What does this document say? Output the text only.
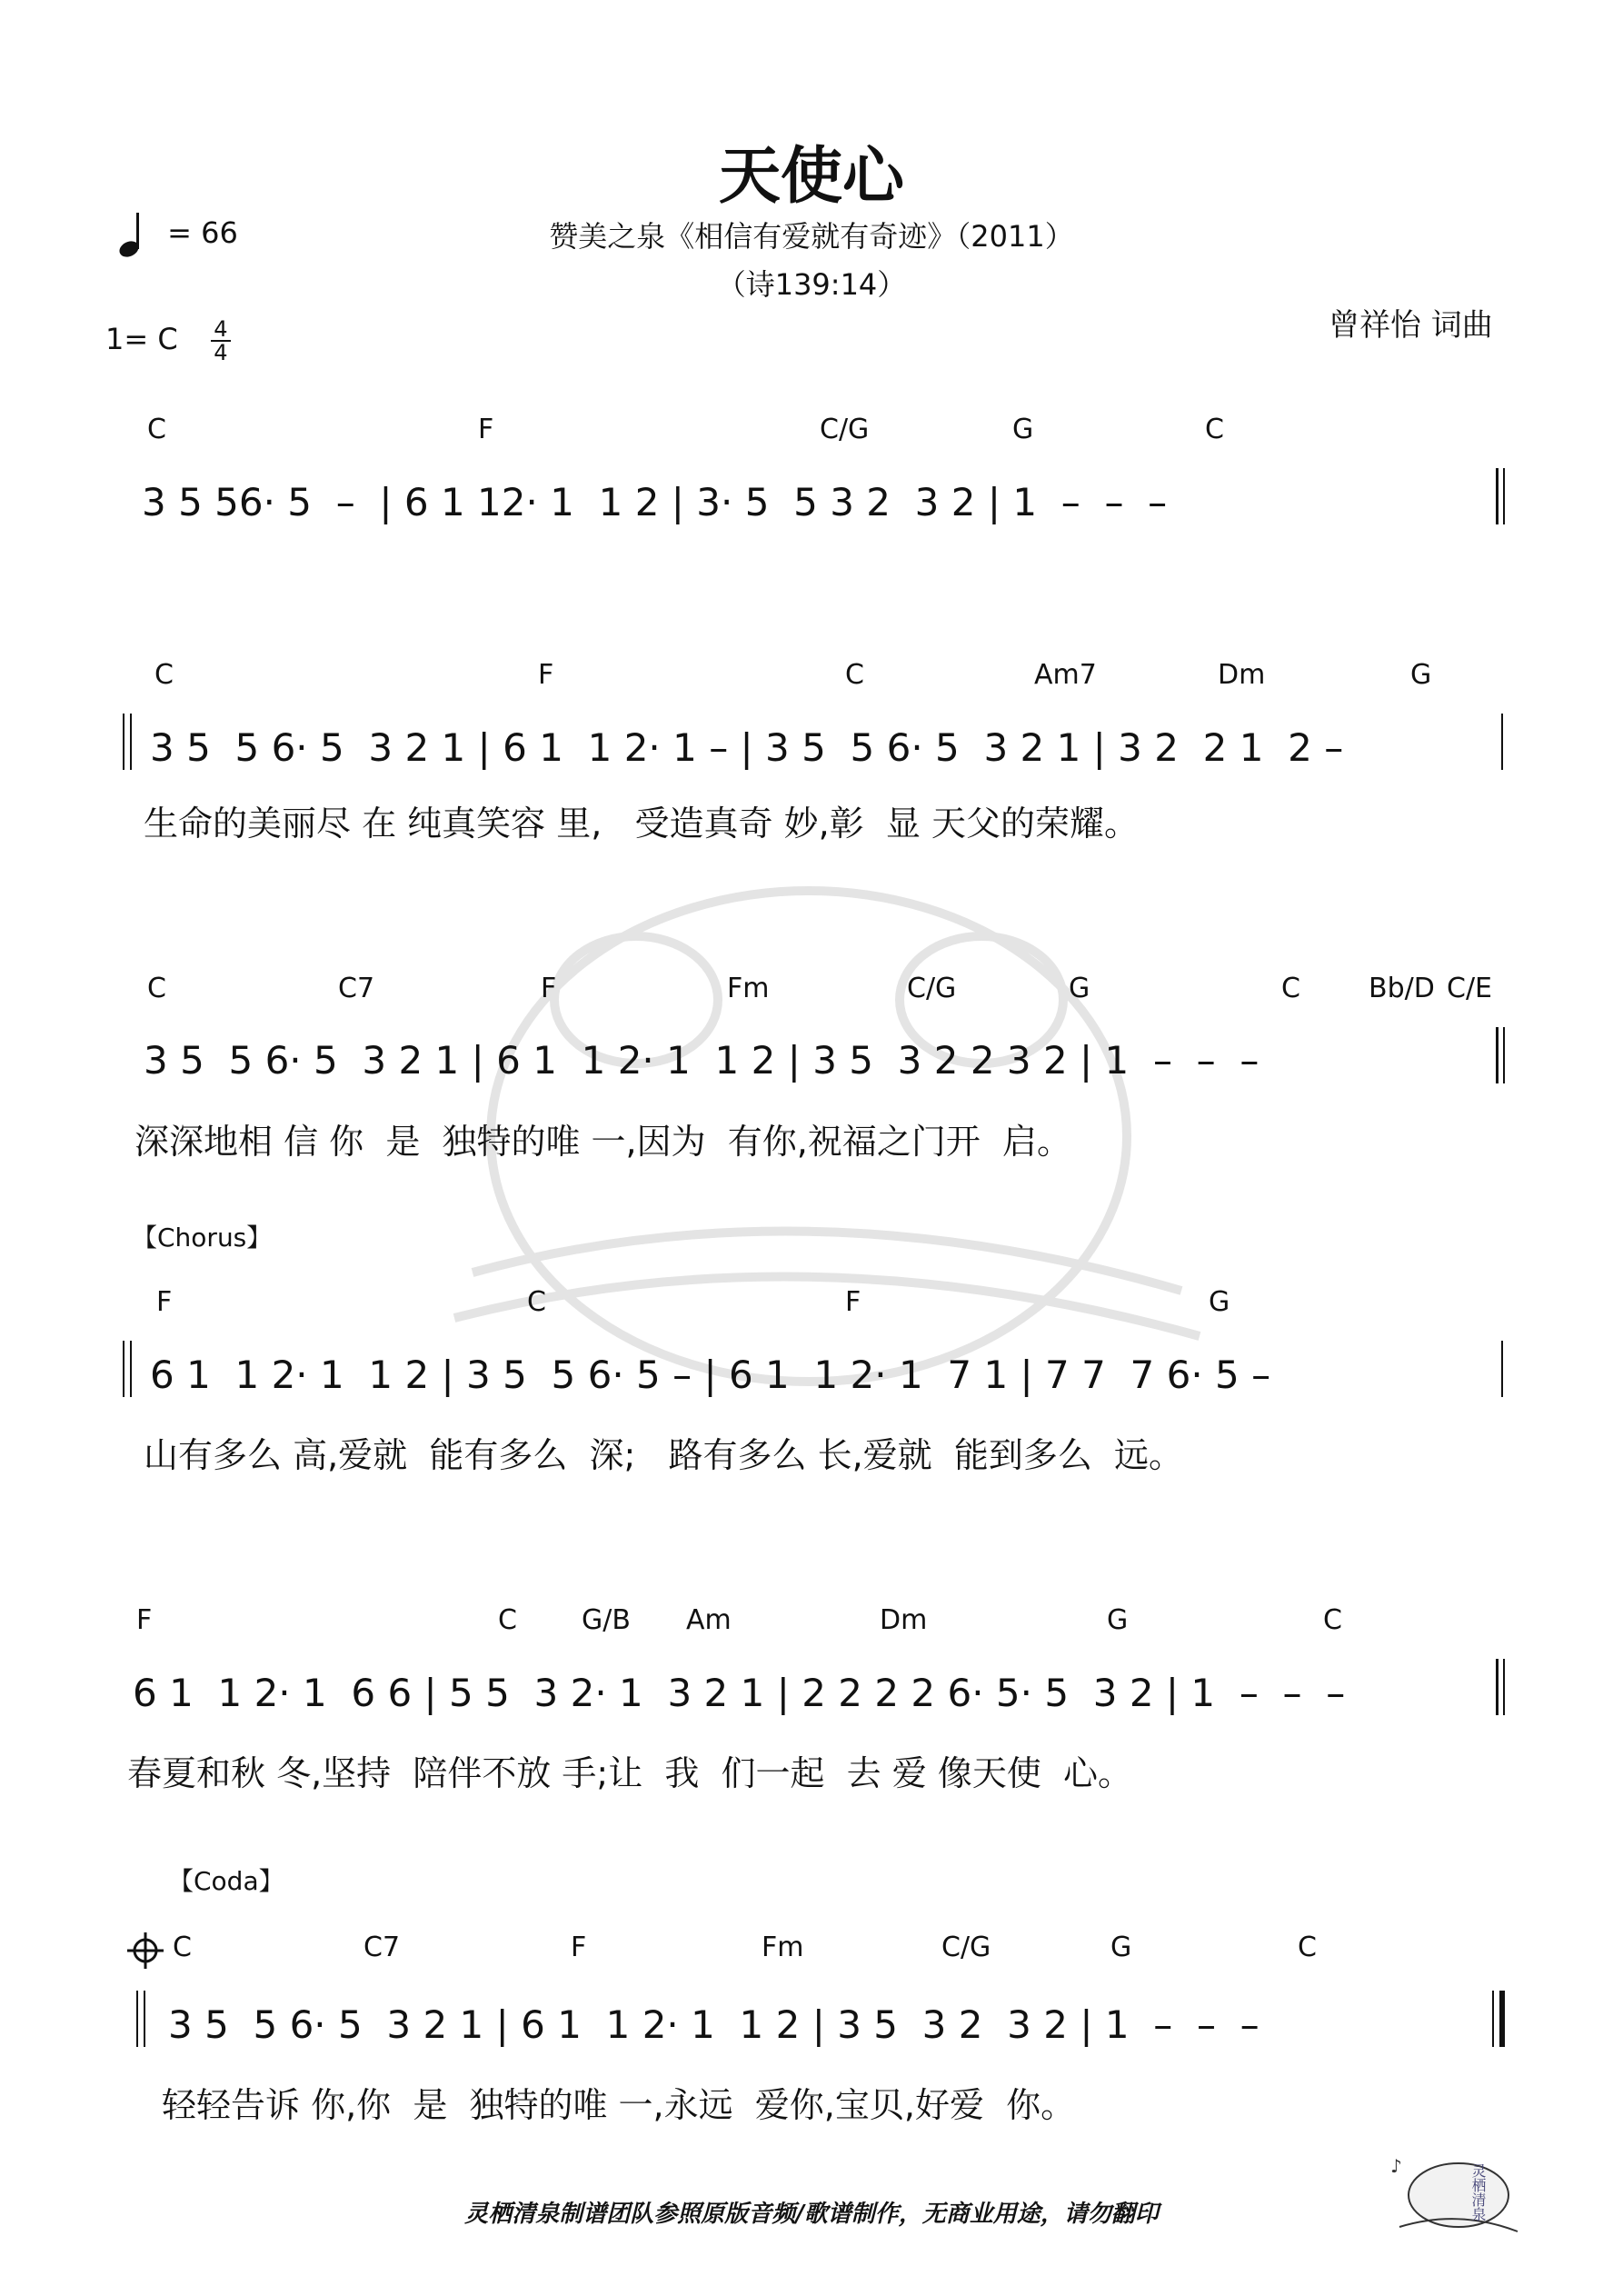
天使心
赞美之泉《相信有爱就有奇迹》（2011）
（诗139:14）
= 66
1= C $\frac{4}{4}$	曾祥怡 词曲
C	F	C/G	G	C
3 5 56· 5  –  | 6 1 12· 1  1 2 | 3· 5  5 3 2  3 2 | 1  –  –  –
C	F	C	Am7	Dm	G
3 5  5 6· 5  3 2 1 | 6 1  1 2· 1 – | 3 5  5 6· 5  3 2 1 | 3 2  2 1  2 –
生命的美丽尽 在 纯真笑容 里,   受造真奇 妙,彰  显 天父的荣耀。
C	C7	F	Fm	C/G	G	C	Bb/D C/E
3 5  5 6· 5  3 2 1 | 6 1  1 2· 1  1 2 | 3 5  3 2 2 3 2 | 1  –  –  –
深深地相 信 你  是  独特的唯 一,因为  有你,祝福之门开  启。
【Chorus】
F	C	F	G
6 1  1 2· 1  1 2 | 3 5  5 6· 5 – | 6 1  1 2· 1  7 1 | 7 7  7 6· 5 –
山有多么 高,爱就  能有多么  深;   路有多么 长,爱就  能到多么  远。
F	C G/B Am	Dm	G	C
6 1  1 2· 1  6 6 | 5 5  3 2· 1  3 2 1 | 2 2 2 2 6· 5· 5  3 2 | 1  –  –  –
春夏和秋 冬,坚持  陪伴不放 手;让  我  们一起  去 爱 像天使  心。
【Coda】
C	C7	F	Fm	C/G	G	C
3 5  5 6· 5  3 2 1 | 6 1  1 2· 1  1 2 | 3 5  3 2  3 2 | 1  –  –  –
轻轻告诉 你,你  是  独特的唯 一,永远  爱你,宝贝,好爱  你。
灵栖清泉制谱团队参照原版音频/歌谱制作，无商业用途，请勿翻印
♪	灵栖清泉
